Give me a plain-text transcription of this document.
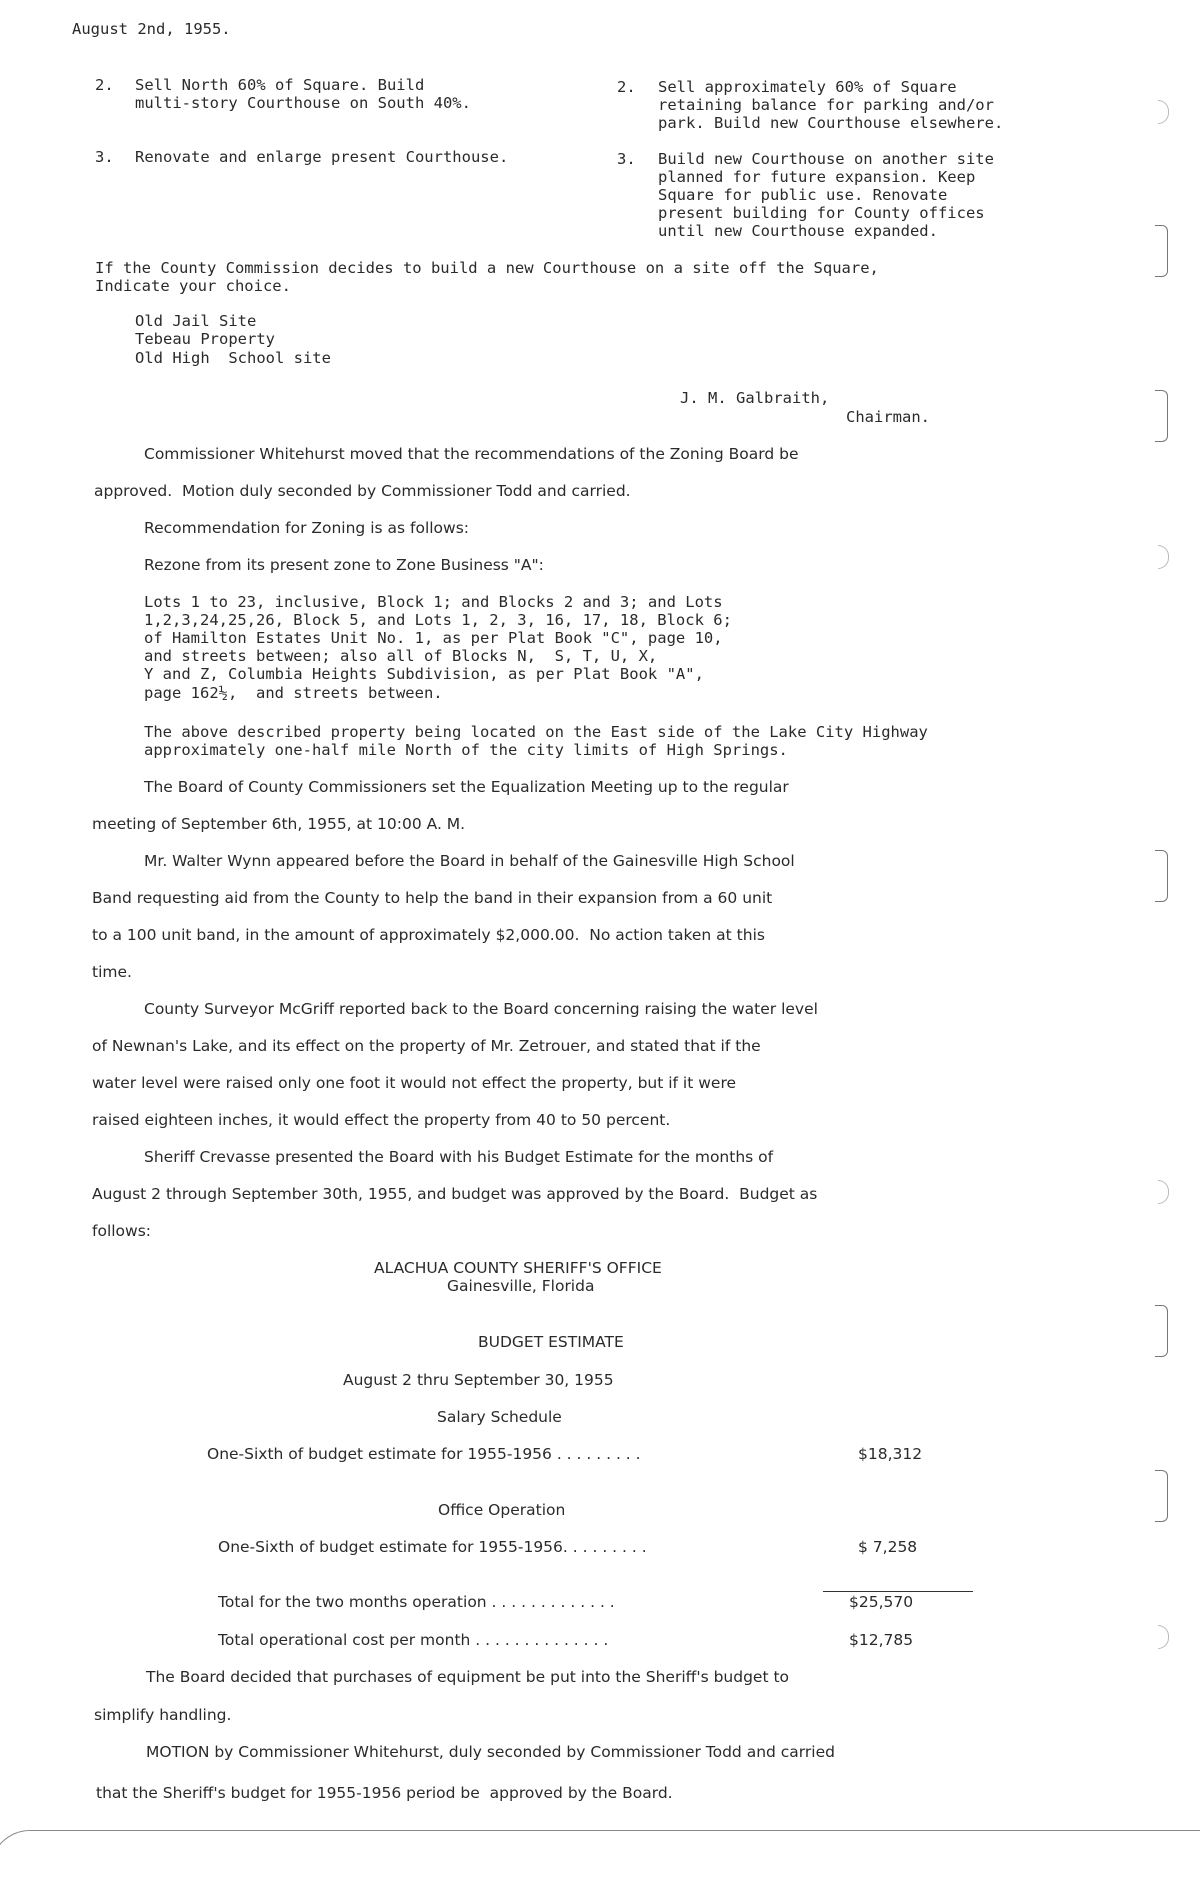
August 2nd, 1955.
2. Sell North 60% of Square. Build
multi-story Courthouse on South 40%.
3. Renovate and enlarge present Courthouse.
2. Sell approximately 60% of Square
retaining balance for parking and/or
park. Build new Courthouse elsewhere.
3. Build new Courthouse on another site
planned for future expansion. Keep
Square for public use. Renovate
present building for County offices
until new Courthouse expanded.
If the County Commission decides to build a new Courthouse on a site off the Square,
Indicate your choice.
Old Jail Site
Tebeau Property
Old High  School site
J. M. Galbraith,
Chairman.
Commissioner Whitehurst moved that the recommendations of the Zoning Board be
approved.  Motion duly seconded by Commissioner Todd and carried.
Recommendation for Zoning is as follows:
Rezone from its present zone to Zone Business "A":
Lots 1 to 23, inclusive, Block 1; and Blocks 2 and 3; and Lots
1,2,3,24,25,26, Block 5, and Lots 1, 2, 3, 16, 17, 18, Block 6;
of Hamilton Estates Unit No. 1, as per Plat Book "C", page 10,
and streets between; also all of Blocks N,  S, T, U, X,
Y and Z, Columbia Heights Subdivision, as per Plat Book "A",
page 162½,  and streets between.
The above described property being located on the East side of the Lake City Highway
approximately one-half mile North of the city limits of High Springs.
The Board of County Commissioners set the Equalization Meeting up to the regular
meeting of September 6th, 1955, at 10:00 A. M.
Mr. Walter Wynn appeared before the Board in behalf of the Gainesville High School
Band requesting aid from the County to help the band in their expansion from a 60 unit
to a 100 unit band, in the amount of approximately $2,000.00.  No action taken at this
time.
County Surveyor McGriff reported back to the Board concerning raising the water level
of Newnan's Lake, and its effect on the property of Mr. Zetrouer, and stated that if the
water level were raised only one foot it would not effect the property, but if it were
raised eighteen inches, it would effect the property from 40 to 50 percent.
Sheriff Crevasse presented the Board with his Budget Estimate for the months of
August 2 through September 30th, 1955, and budget was approved by the Board.  Budget as
follows:
ALACHUA COUNTY SHERIFF'S OFFICE
Gainesville, Florida
BUDGET ESTIMATE
August 2 thru September 30, 1955
Salary Schedule
One-Sixth of budget estimate for 1955-1956 . . . . . . . . .	$18,312
Office Operation
One-Sixth of budget estimate for 1955-1956. . . . . . . . .	$ 7,258
Total for the two months operation . . . . . . . . . . . . .	$25,570
Total operational cost per month . . . . . . . . . . . . . .	$12,785
The Board decided that purchases of equipment be put into the Sheriff's budget to
simplify handling.
MOTION by Commissioner Whitehurst, duly seconded by Commissioner Todd and carried
that the Sheriff's budget for 1955-1956 period be  approved by the Board.
